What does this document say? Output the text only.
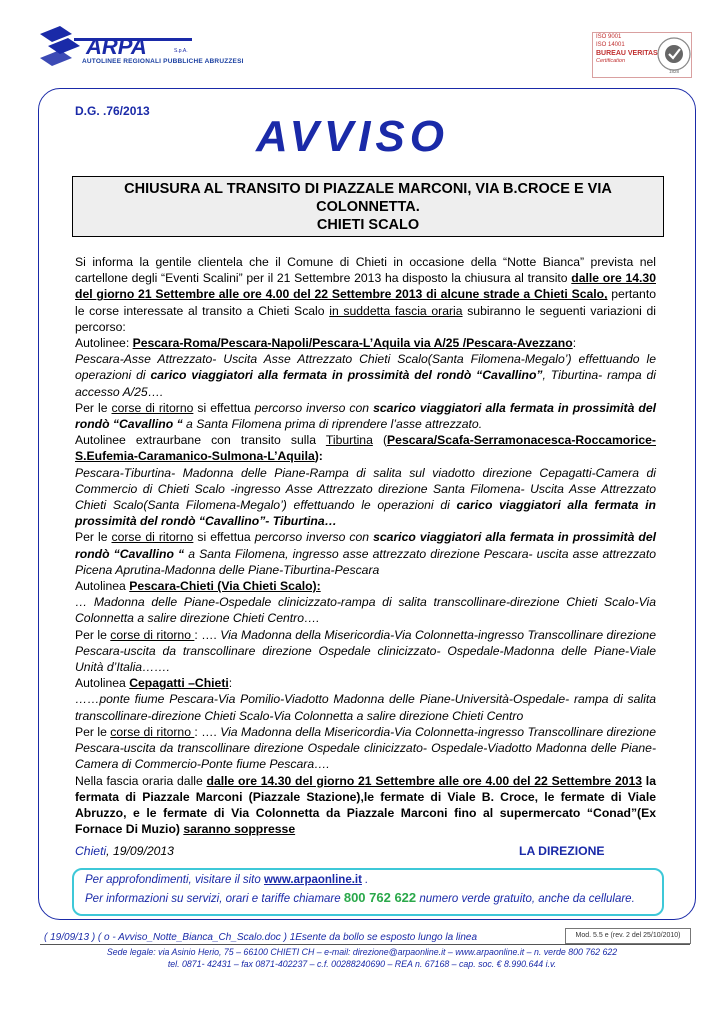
ARPA	S.p.A.
AUTOLINEE REGIONALI PUBBLICHE ABRUZZESI
ISO 9001
ISO 14001
BUREAU VERITAS
Certification
1828
D.G. .76/2013
AVVISO
CHIUSURA AL TRANSITO DI PIAZZALE MARCONI, VIA B.CROCE E VIA
COLONNETTA.
CHIETI SCALO

Si informa la gentile clientela che il Comune di Chieti in occasione della “Notte Bianca” prevista nel cartellone degli “Eventi Scalini” per il 21 Settembre 2013 ha disposto la chiusura al transito dalle ore 14.30 del giorno 21 Settembre alle ore 4.00 del 22 Settembre 2013 di alcune strade a Chieti Scalo, pertanto le corse interessate al transito a Chieti Scalo in suddetta fascia oraria subiranno le seguenti variazioni di percorso:

Autolinee: Pescara-Roma/Pescara-Napoli/Pescara-L’Aquila via A/25 /Pescara-Avezzano:

Pescara-Asse Attrezzato- Uscita Asse Attrezzato Chieti Scalo(Santa Filomena-Megalo’) effettuando le operazioni di carico viaggiatori alla fermata in prossimità del rondò “Cavallino”, Tiburtina- rampa di accesso A/25….

Per le corse di ritorno si effettua percorso inverso con scarico viaggiatori alla fermata in prossimità del rondò “Cavallino “ a Santa Filomena prima di riprendere l’asse attrezzato.

Autolinee extraurbane con transito sulla Tiburtina (Pescara/Scafa-Serramonacesca-Roccamorice-S.Eufemia-Caramanico-Sulmona-L’Aquila):

Pescara-Tiburtina- Madonna delle Piane-Rampa di salita sul viadotto direzione Cepagatti-Camera di Commercio di Chieti Scalo -ingresso Asse Attrezzato direzione Santa Filomena- Uscita Asse Attrezzato Chieti Scalo(Santa Filomena-Megalo’) effettuando le operazioni di carico viaggiatori alla fermata in prossimità del rondò “Cavallino”- Tiburtina…

Per le corse di ritorno si effettua percorso inverso con scarico viaggiatori alla fermata in prossimità del rondò “Cavallino “ a Santa Filomena, ingresso asse attrezzato direzione Pescara- uscita asse attrezzato Picena Aprutina-Madonna delle Piane-Tiburtina-Pescara

Autolinea Pescara-Chieti (Via Chieti Scalo):

… Madonna delle Piane-Ospedale clinicizzato-rampa di salita transcollinare-direzione Chieti Scalo-Via Colonnetta a salire direzione Chieti Centro….

Per le corse di ritorno : …. Via Madonna della Misericordia-Via Colonnetta-ingresso Transcollinare direzione Pescara-uscita da transcollinare direzione Ospedale clinicizzato- Ospedale-Madonna delle Piane-Viale Unità d’Italia…….

Autolinea Cepagatti –Chieti:

……ponte fiume Pescara-Via Pomilio-Viadotto Madonna delle Piane-Università-Ospedale- rampa di salita transcollinare-direzione Chieti Scalo-Via Colonnetta a salire direzione Chieti Centro

Per le corse di ritorno : …. Via Madonna della Misericordia-Via Colonnetta-ingresso Transcollinare direzione Pescara-uscita da transcollinare direzione Ospedale clinicizzato- Ospedale-Viadotto Madonna delle Piane-Camera di Commercio-Ponte fiume Pescara….

Nella fascia oraria dalle dalle ore 14.30 del giorno 21 Settembre alle ore 4.00 del 22 Settembre 2013 la fermata di Piazzale Marconi (Piazzale Stazione),le fermate di Viale B. Croce, le fermate di Viale Abruzzo, e le fermate di Via Colonnetta da Piazzale Marconi fino al supermercato “Conad”(Ex Fornace Di Muzio) saranno soppresse

Chieti, 19/09/2013	LA DIREZIONE
Per approfondimenti, visitare il sito www.arpaonline.it .
Per informazioni su servizi, orari e tariffe chiamare 800 762 622 numero verde gratuito, anche da cellulare.
( 19/09/13 ) ( o - Avviso_Notte_Bianca_Ch_Scalo.doc ) 1Esente da bollo se esposto lungo la linea	Mod. 5.5 e (rev. 2 del 25/10/2010)
Sede legale: via Asinio Herio, 75 – 66100 CHIETI CH – e-mail: direzione@arpaonline.it – www.arpaonline.it – n. verde 800 762 622
tel. 0871- 42431 – fax 0871-402237 – c.f. 00288240690 – REA n. 67168 – cap. soc. € 8.990.644 i.v.
